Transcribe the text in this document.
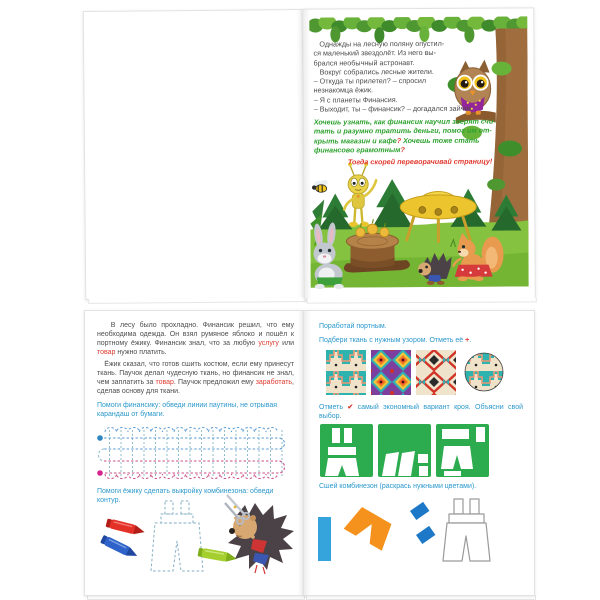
Однажды на лесную поляну опустил-
ся маленький звездолёт. Из него вы-
брался необычный астронавт.
Вокруг собрались лесные жители.
– Откуда ты прилетел? – спросил
незнакомца ёжик.
– Я с планеты Финансия.
– Выходит, ты – финансик? – догадался зайчик.
Хочешь узнать, как финансик научил зверят счи-
тать и разумно тратить деньги, помог им от-
крыть магазин и кафе? Хочешь тоже стать
финансово грамотным?
Тогда скорей переворачивай страницу!

В лесу было прохладно. Финансик решил, что ему необходима одежда. Он взял румяное яблоко и пошёл к портному ёжику. Финансик знал, что за любую услугу или товар нужно платить.

Ёжик сказал, что готов сшить костюм, если ему принесут ткань. Паучок делал чудесную ткань, но финансик не знал, чем заплатить за товар. Паучок предложил ему заработать, сделав основу для ткани.

Помоги финансику: обведи линии паутины, не отрывая карандаш от бумаги.
Помоги ёжику сделать выкройку комбинезона: обведи контур.
Поработай портным.
Подбери ткань с нужным узором. Отметь её +.
Отметь ✔ самый экономный вариант кроя. Объясни свой выбор.
Сшей комбинезон (раскрась нужными цветами).
